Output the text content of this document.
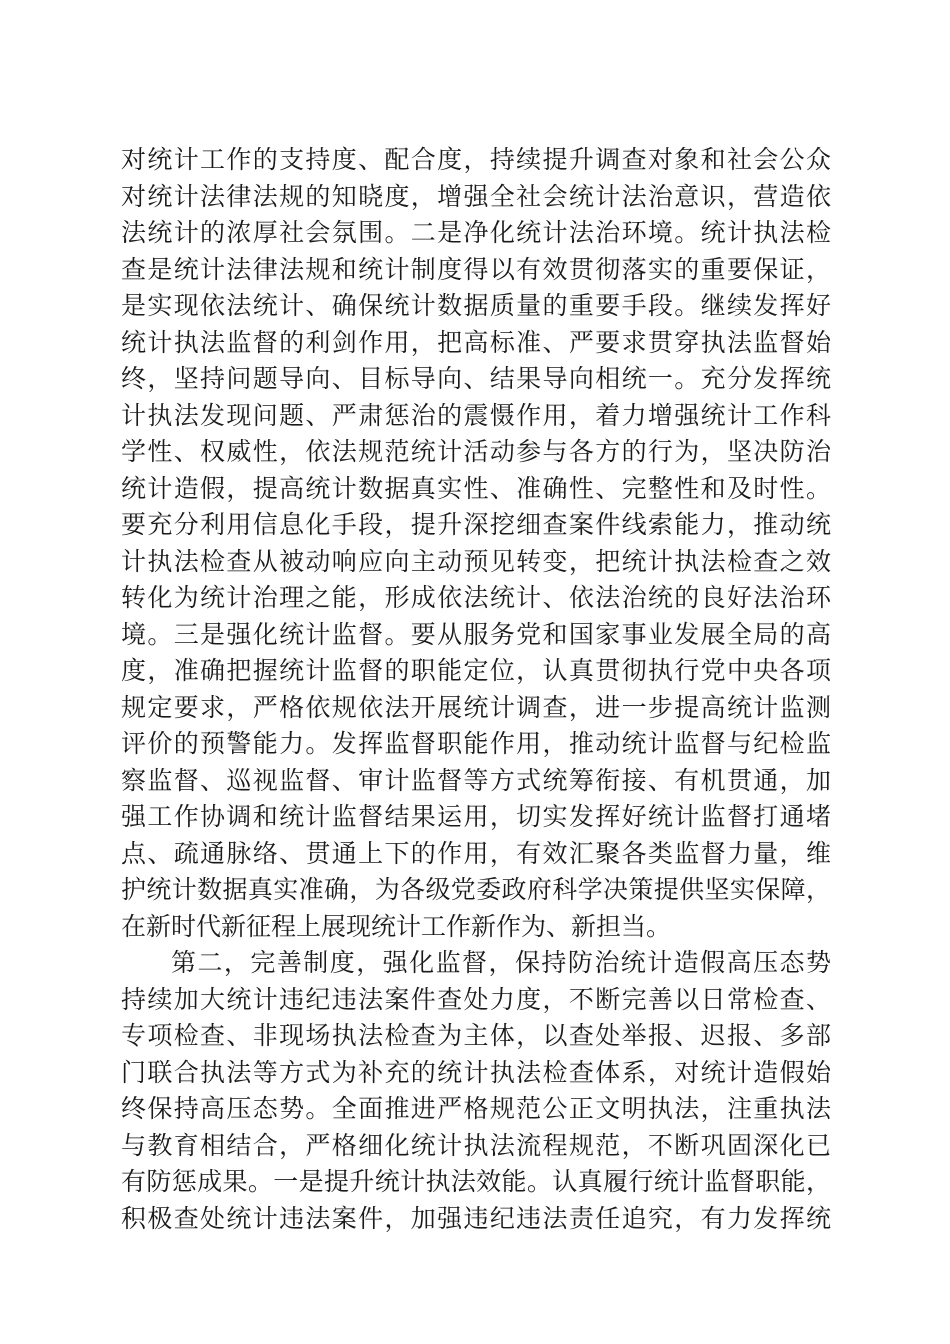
对统计工作的支持度、配合度，持续提升调查对象和社会公众
对统计法律法规的知晓度，增强全社会统计法治意识，营造依
法统计的浓厚社会氛围。二是净化统计法治环境。统计执法检
查是统计法律法规和统计制度得以有效贯彻落实的重要保证，
是实现依法统计、确保统计数据质量的重要手段。继续发挥好
统计执法监督的利剑作用，把高标准、严要求贯穿执法监督始
终，坚持问题导向、目标导向、结果导向相统一。充分发挥统
计执法发现问题、严肃惩治的震慑作用，着力增强统计工作科
学性、权威性，依法规范统计活动参与各方的行为，坚决防治
统计造假，提高统计数据真实性、准确性、完整性和及时性。
要充分利用信息化手段，提升深挖细查案件线索能力，推动统
计执法检查从被动响应向主动预见转变，把统计执法检查之效
转化为统计治理之能，形成依法统计、依法治统的良好法治环
境。三是强化统计监督。要从服务党和国家事业发展全局的高
度，准确把握统计监督的职能定位，认真贯彻执行党中央各项
规定要求，严格依规依法开展统计调查，进一步提高统计监测
评价的预警能力。发挥监督职能作用，推动统计监督与纪检监
察监督、巡视监督、审计监督等方式统筹衔接、有机贯通，加
强工作协调和统计监督结果运用，切实发挥好统计监督打通堵
点、疏通脉络、贯通上下的作用，有效汇聚各类监督力量，维
护统计数据真实准确，为各级党委政府科学决策提供坚实保障，
在新时代新征程上展现统计工作新作为、新担当。
第二，完善制度，强化监督，保持防治统计造假高压态势
持续加大统计违纪违法案件查处力度，不断完善以日常检查、
专项检查、非现场执法检查为主体，以查处举报、迟报、多部
门联合执法等方式为补充的统计执法检查体系，对统计造假始
终保持高压态势。全面推进严格规范公正文明执法，注重执法
与教育相结合，严格细化统计执法流程规范，不断巩固深化已
有防惩成果。一是提升统计执法效能。认真履行统计监督职能，
积极查处统计违法案件，加强违纪违法责任追究，有力发挥统
